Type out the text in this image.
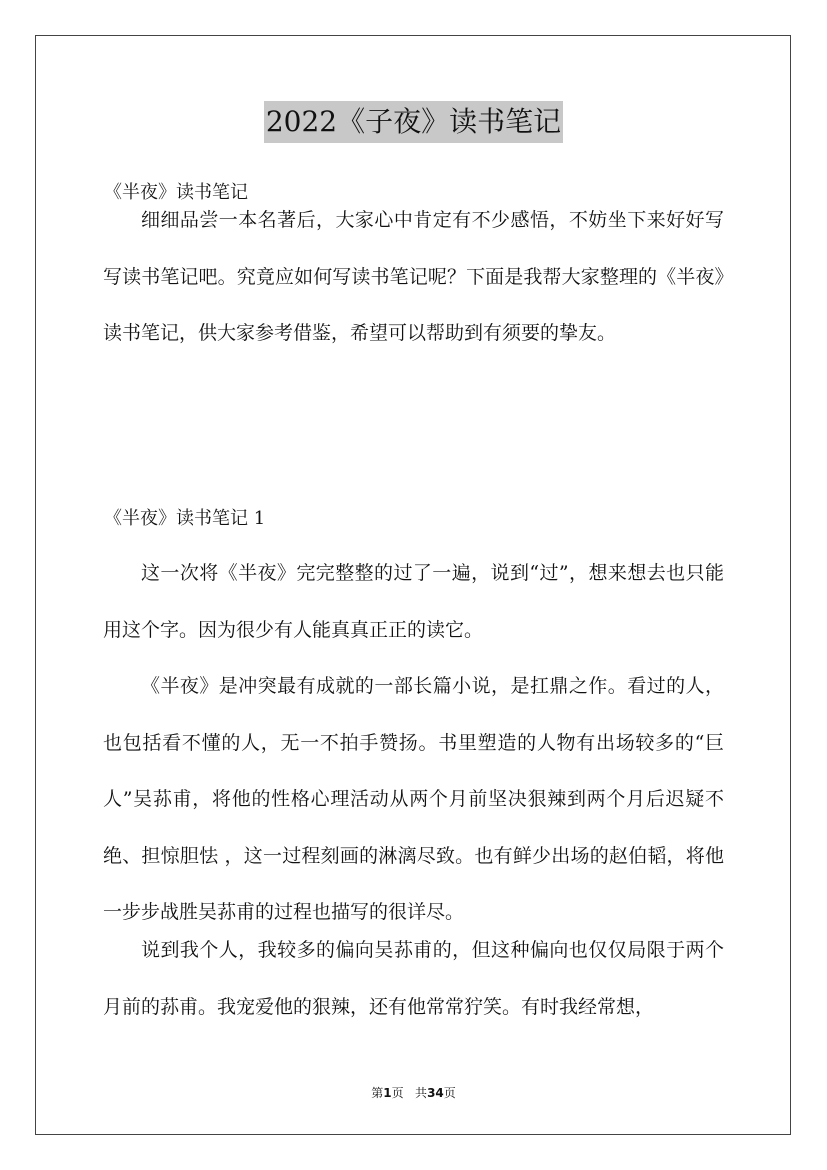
2022《子夜》读书笔记
《半夜》读书笔记
细细品尝一本名著后，大家心中肯定有不少感悟，不妨坐下来好好写写读书笔记吧。究竟应如何写读书笔记呢？下面是我帮大家整理的《半夜》读书笔记，供大家参考借鉴，希望可以帮助到有须要的挚友。
《半夜》读书笔记 1
这一次将《半夜》完完整整的过了一遍，说到“过”，想来想去也只能用这个字。因为很少有人能真真正正的读它。
《半夜》是冲突最有成就的一部长篇小说，是扛鼎之作。看过的人，也包括看不懂的人，无一不拍手赞扬。书里塑造的人物有出场较多的“巨人”吴荪甫，将他的性格心理活动从两个月前坚决狠辣到两个月后迟疑不绝、担惊胆怯 ，这一过程刻画的淋漓尽致。也有鲜少出场的赵伯韬，将他一步步战胜吴荪甫的过程也描写的很详尽。
说到我个人，我较多的偏向吴荪甫的，但这种偏向也仅仅局限于两个月前的荪甫。我宠爱他的狠辣，还有他常常狞笑。有时我经常想，
第1页 共34页
